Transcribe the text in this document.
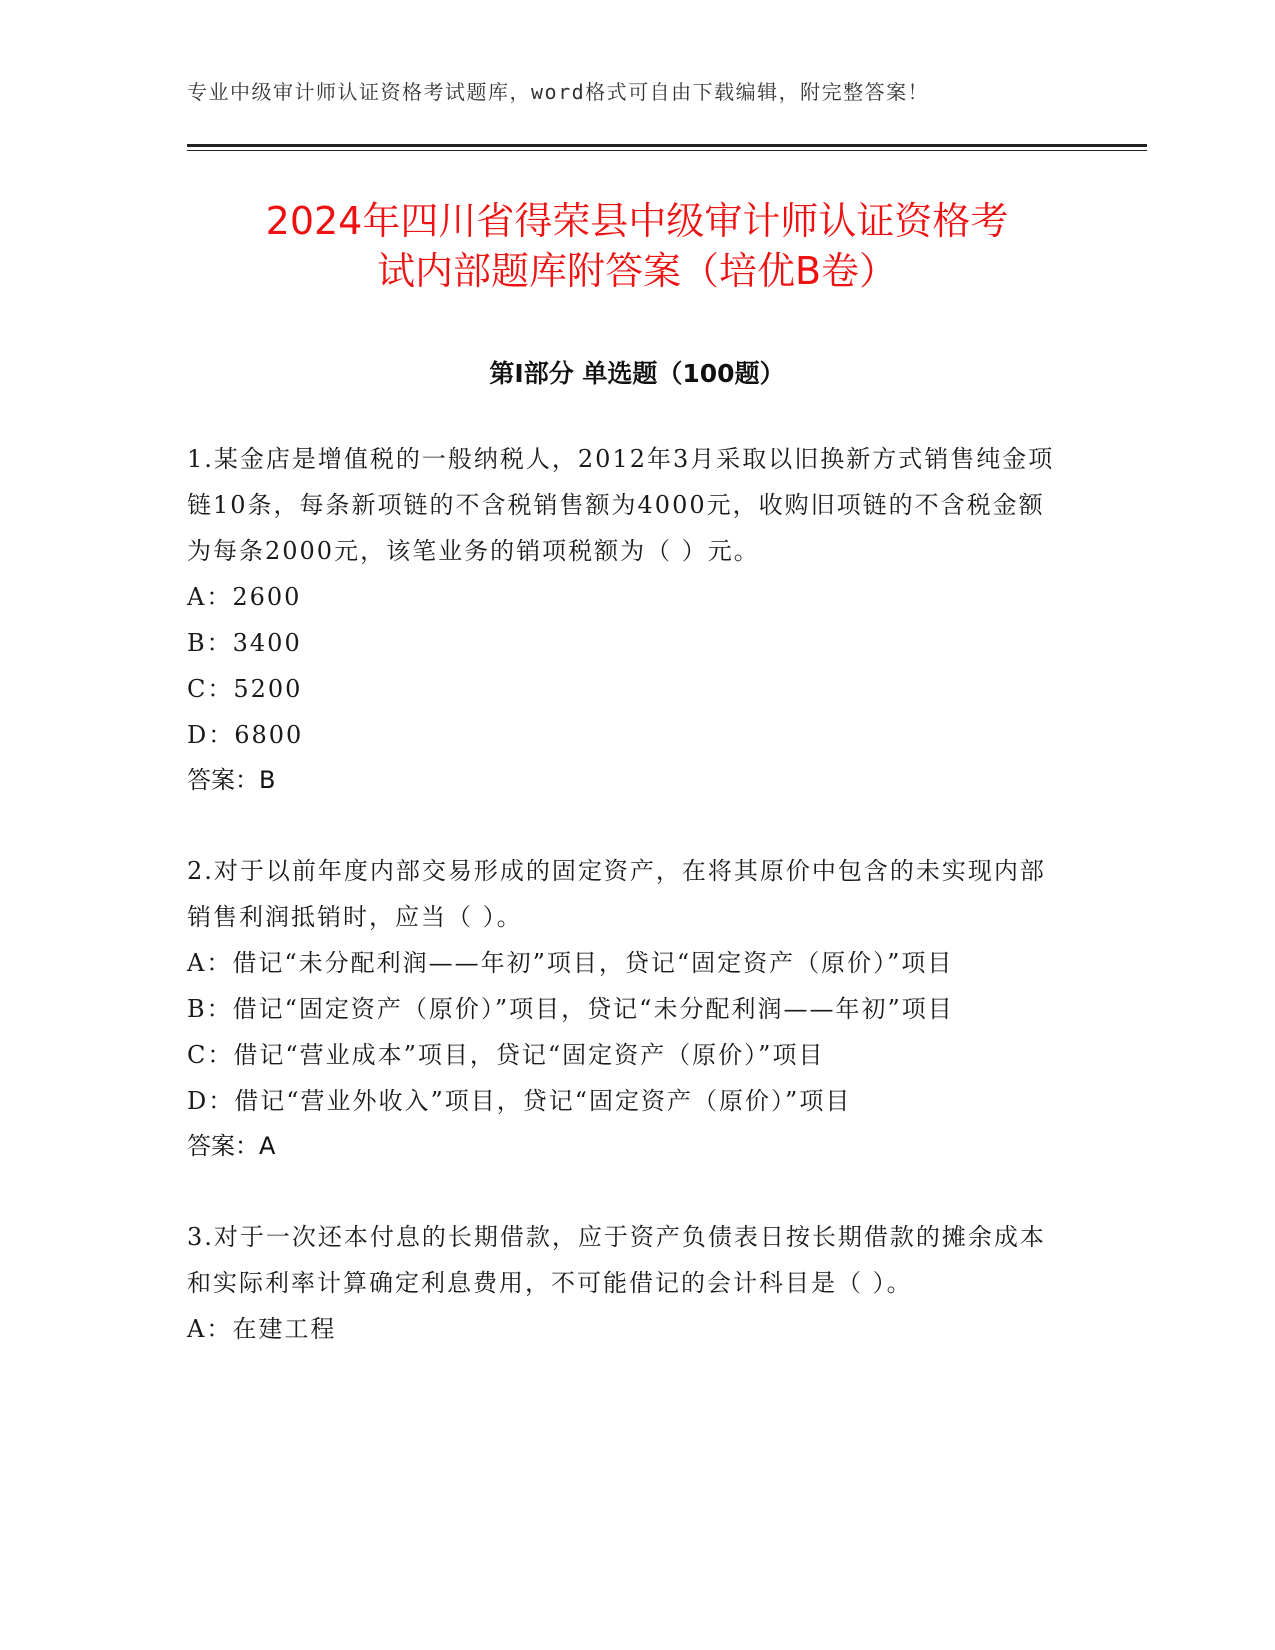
专业中级审计师认证资格考试题库，word格式可自由下载编辑，附完整答案！
2024年四川省得荣县中级审计师认证资格考
试内部题库附答案（培优B卷）
第I部分 单选题（100题）

1.某金店是增值税的一般纳税人，2012年3月采取以旧换新方式销售纯金项链10条，每条新项链的不含税销售额为4000元，收购旧项链的不含税金额为每条2000元，该笔业务的销项税额为（ ）元。

A：2600

B：3400

C：5200

D：6800

答案：B

2.对于以前年度内部交易形成的固定资产，在将其原价中包含的未实现内部销售利润抵销时，应当（ ）。

A：借记“未分配利润——年初”项目，贷记“固定资产（原价）”项目

B：借记“固定资产（原价）”项目，贷记“未分配利润——年初”项目

C：借记“营业成本”项目，贷记“固定资产（原价）”项目

D：借记“营业外收入”项目，贷记“固定资产（原价）”项目

答案：A

3.对于一次还本付息的长期借款，应于资产负债表日按长期借款的摊余成本和实际利率计算确定利息费用，不可能借记的会计科目是（ ）。

A：在建工程
